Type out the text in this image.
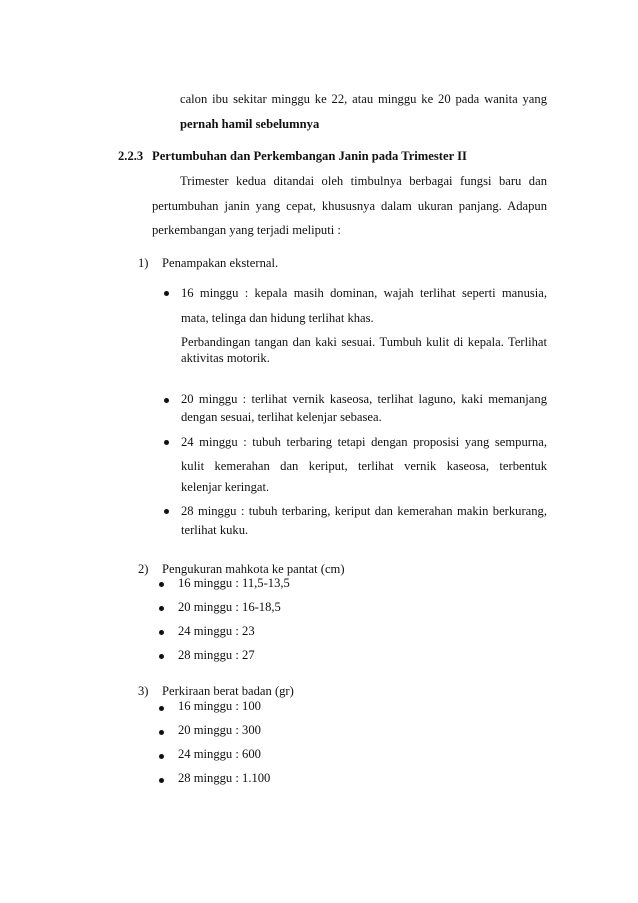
calon ibu sekitar minggu ke 22, atau minggu ke 20 pada wanita yang
pernah hamil sebelumnya
2.2.3 Pertumbuhan dan Perkembangan Janin pada Trimester II
Trimester kedua ditandai oleh timbulnya berbagai fungsi baru dan
pertumbuhan janin yang cepat, khususnya dalam ukuran panjang. Adapun
perkembangan yang terjadi meliputi :
1) Penampakan eksternal.
16 minggu : kepala masih dominan, wajah terlihat seperti manusia,
mata, telinga dan hidung terlihat khas.
Perbandingan tangan dan kaki sesuai. Tumbuh kulit di kepala. Terlihat
aktivitas motorik.
20 minggu : terlihat vernik kaseosa, terlihat laguno, kaki memanjang
dengan sesuai, terlihat kelenjar sebasea.
24 minggu : tubuh terbaring tetapi dengan proposisi yang sempurna,
kulit kemerahan dan keriput, terlihat vernik kaseosa, terbentuk
kelenjar keringat.
28 minggu : tubuh terbaring, keriput dan kemerahan makin berkurang,
terlihat kuku.
2) Pengukuran mahkota ke pantat (cm)
16 minggu : 11,5-13,5
20 minggu : 16-18,5
24 minggu : 23
28 minggu : 27
3) Perkiraan berat badan (gr)
16 minggu : 100
20 minggu : 300
24 minggu : 600
28 minggu : 1.100
